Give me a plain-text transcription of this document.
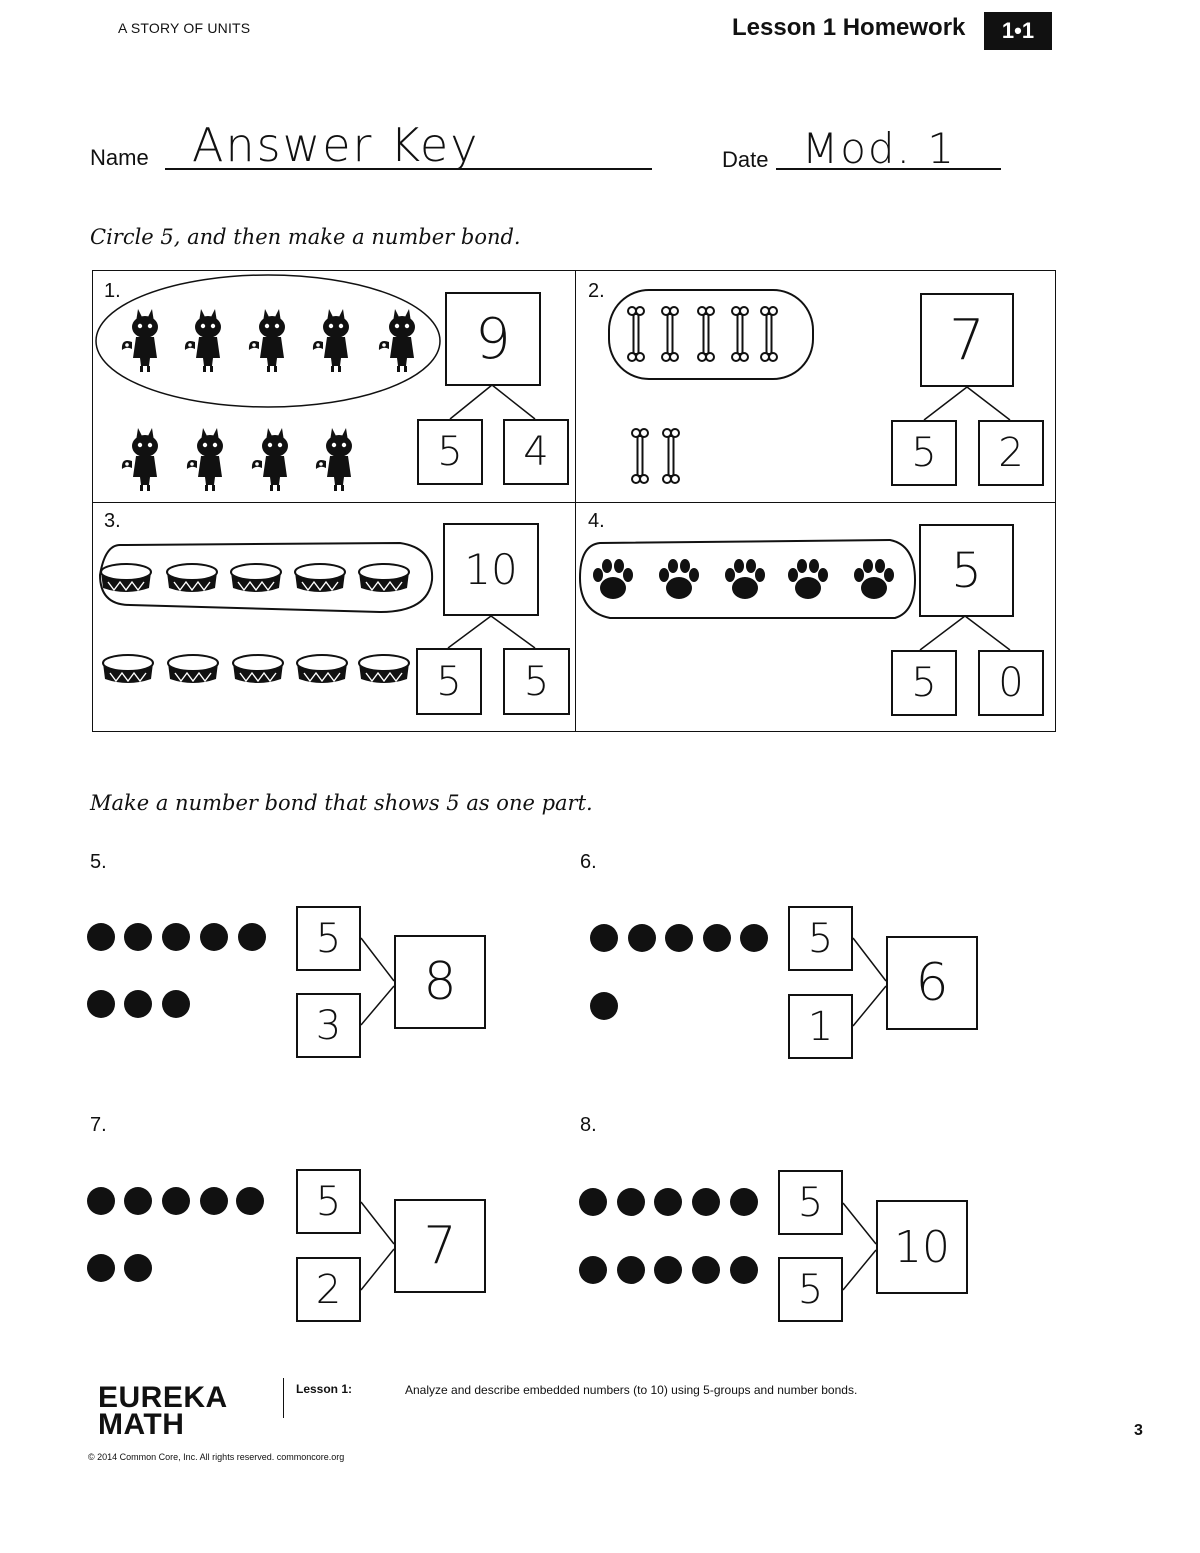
A STORY OF UNITS	Lesson 1 Homework	1•1
Name Answer Key	Date Mod. 1
Circle 5, and then make a number bond.
1.	2.
3.	4.
9
5	4
7
5	2
10
5	5
5
5	0
Make a number bond that shows 5 as one part.
5.	6.
7.	8.
5
3
8
5
1
6
5
2
7
5
5
10
EUREKA
MATH
Lesson 1:	Analyze and describe embedded numbers (to 10) using 5-groups and number bonds.
© 2014 Common Core, Inc. All rights reserved. commoncore.org
3
